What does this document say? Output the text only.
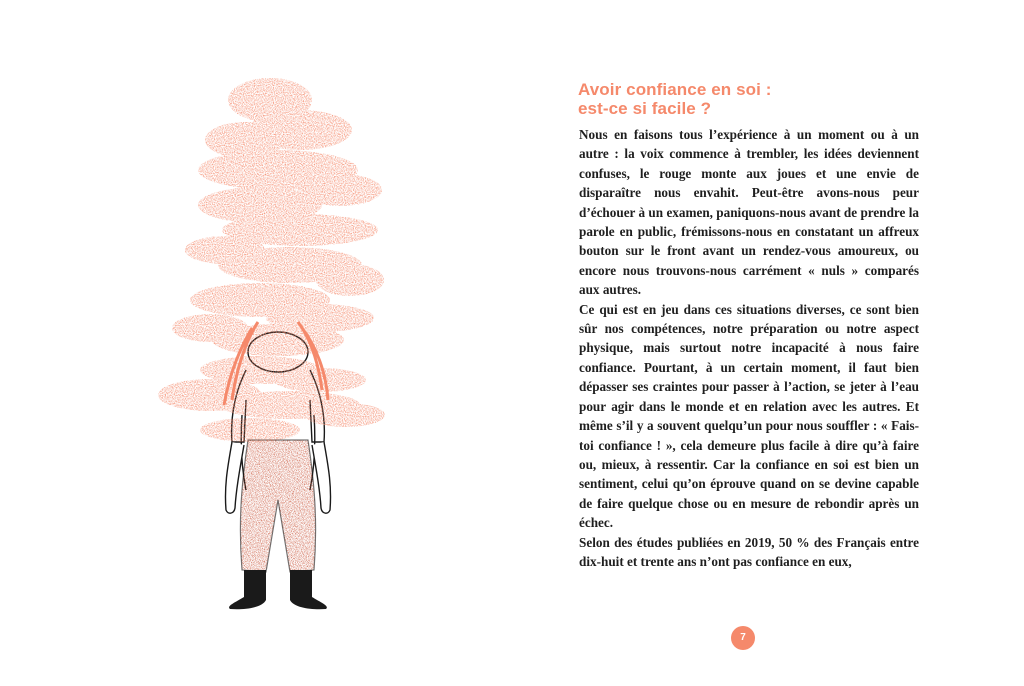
Avoir confiance en soi :
est-ce si facile ?

Nous en faisons tous l’expérience à un moment ou à un autre : la voix commence à trembler, les idées deviennent confuses, le rouge monte aux joues et une envie de disparaître nous envahit. Peut-être avons-nous peur d’échouer à un examen, paniquons-nous avant de prendre la parole en public, frémissons-nous en constatant un affreux bouton sur le front avant un rendez-vous amoureux, ou encore nous trouvons-nous carrément « nuls » comparés aux autres.

Ce qui est en jeu dans ces situations diverses, ce sont bien sûr nos compétences, notre préparation ou notre aspect physique, mais surtout notre incapacité à nous faire confiance. Pourtant, à un certain moment, il faut bien dépasser ses craintes pour passer à l’action, se jeter à l’eau pour agir dans le monde et en relation avec les autres. Et même s’il y a souvent quelqu’un pour nous souffler : « Fais-toi confiance ! », cela demeure plus facile à dire qu’à faire ou, mieux, à ressentir. Car la confiance en soi est bien un sentiment, celui qu’on éprouve quand on se devine capable de faire quelque chose ou en mesure de rebondir après un échec.

Selon des études publiées en 2019, 50 % des Français entre dix-huit et trente ans n’ont pas confiance en eux,

7
